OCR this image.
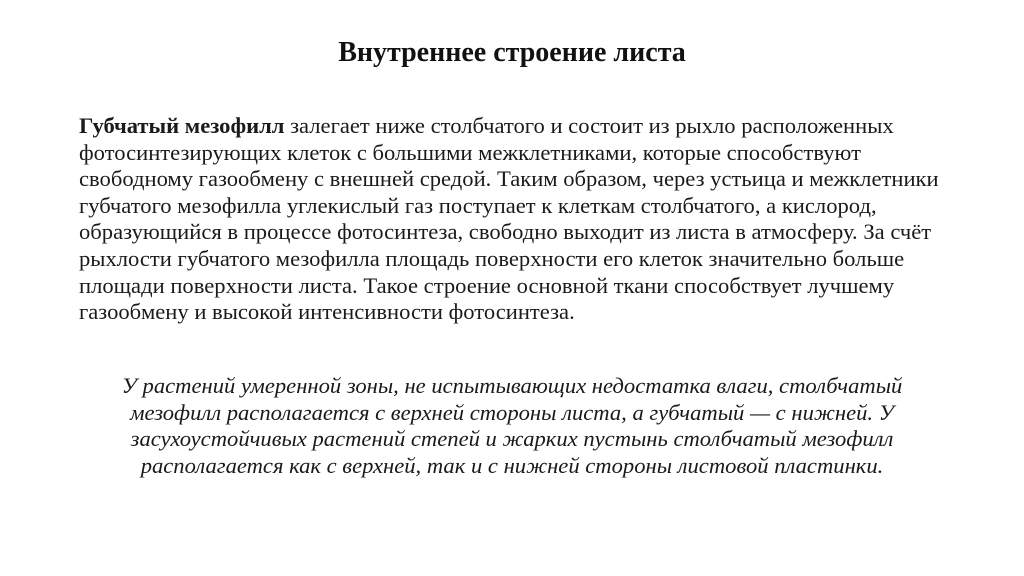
Внутреннее строение листа
Губчатый мезофилл залегает ниже столбчатого и состоит из рыхло расположенных фотосинтезирующих клеток с большими межклетниками, которые способствуют свободному газообмену с внешней средой. Таким образом, через устьица и межклетники губчатого мезофилла углекислый газ поступает к клеткам столбчатого, а кислород, образующийся в процессе фотосинтеза, свободно выходит из листа в атмосферу. За счёт рыхлости губчатого мезофилла площадь поверхности его клеток значительно больше площади поверхности листа. Такое строение основной ткани способствует лучшему газообмену и высокой интенсивности фотосинтеза.
У растений умеренной зоны, не испытывающих недостатка влаги, столбчатый мезофилл располагается с верхней стороны листа, а губчатый — с нижней. У засухоустойчивых растений степей и жарких пустынь столбчатый мезофилл располагается как с верхней, так и с нижней стороны листовой пластинки.
